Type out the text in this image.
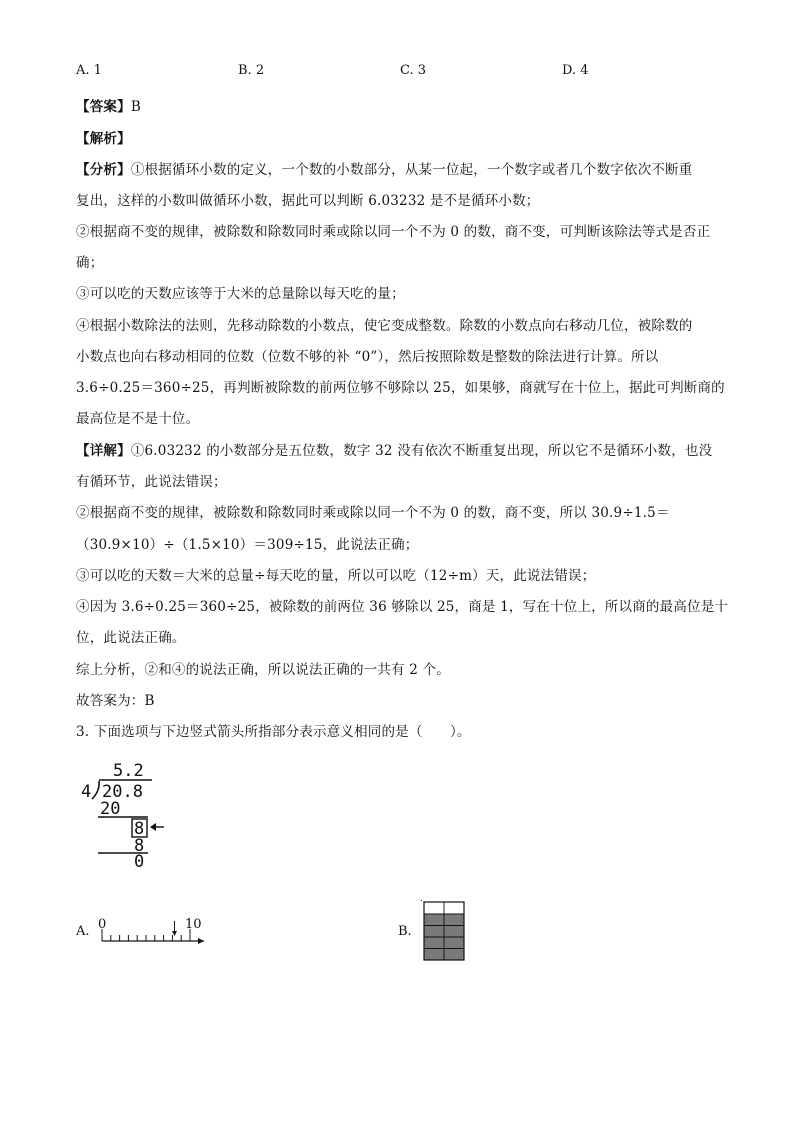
A. 1	B. 2	C. 3	D. 4
【答案】B
【解析】
【分析】①根据循环小数的定义，一个数的小数部分，从某一位起，一个数字或者几个数字依次不断重
复出，这样的小数叫做循环小数，据此可以判断 6.03232 是不是循环小数；
②根据商不变的规律，被除数和除数同时乘或除以同一个不为 0 的数，商不变，可判断该除法等式是否正
确；
③可以吃的天数应该等于大米的总量除以每天吃的量；
④根据小数除法的法则，先移动除数的小数点，使它变成整数。除数的小数点向右移动几位，被除数的
小数点也向右移动相同的位数（位数不够的补 “0”），然后按照除数是整数的除法进行计算。所以
3.6÷0.25＝360÷25，再判断被除数的前两位够不够除以 25，如果够，商就写在十位上，据此可判断商的
最高位是不是十位。
【详解】①6.03232 的小数部分是五位数，数字 32 没有依次不断重复出现，所以它不是循环小数，也没
有循环节，此说法错误；
②根据商不变的规律，被除数和除数同时乘或除以同一个不为 0 的数，商不变，所以 30.9÷1.5＝
（30.9×10）÷（1.5×10）＝309÷15，此说法正确；
③可以吃的天数＝大米的总量÷每天吃的量，所以可以吃（12÷m）天，此说法错误；
④因为 3.6÷0.25＝360÷25，被除数的前两位 36 够除以 25，商是 1，写在十位上，所以商的最高位是十
位，此说法正确。
综上分析，②和④的说法正确，所以说法正确的一共有 2 个。
故答案为：B
3. 下面选项与下边竖式箭头所指部分表示意义相同的是（　　）。
5.2
4 20.8
20
8
8
0
A. 0	10	B.
